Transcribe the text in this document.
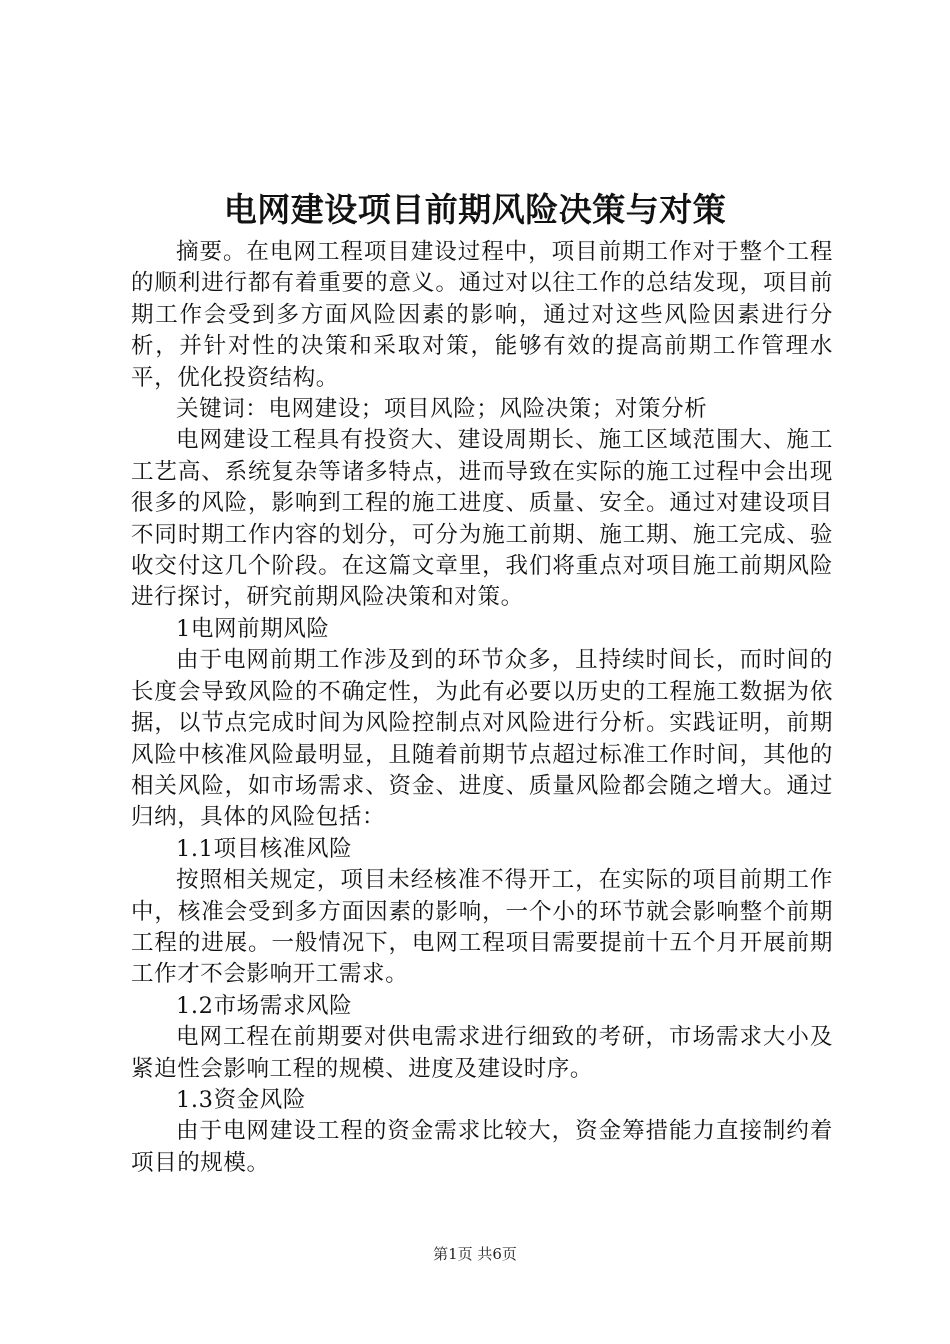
电网建设项目前期风险决策与对策

摘要。在电网工程项目建设过程中，项目前期工作对于整个工程的顺利进行都有着重要的意义。通过对以往工作的总结发现，项目前期工作会受到多方面风险因素的影响，通过对这些风险因素进行分析，并针对性的决策和采取对策，能够有效的提高前期工作管理水平，优化投资结构。

关键词：电网建设；项目风险；风险决策；对策分析

电网建设工程具有投资大、建设周期长、施工区域范围大、施工工艺高、系统复杂等诸多特点，进而导致在实际的施工过程中会出现很多的风险，影响到工程的施工进度、质量、安全。通过对建设项目不同时期工作内容的划分，可分为施工前期、施工期、施工完成、验收交付这几个阶段。在这篇文章里，我们将重点对项目施工前期风险进行探讨，研究前期风险决策和对策。

1电网前期风险

由于电网前期工作涉及到的环节众多，且持续时间长，而时间的长度会导致风险的不确定性，为此有必要以历史的工程施工数据为依据，以节点完成时间为风险控制点对风险进行分析。实践证明，前期风险中核准风险最明显，且随着前期节点超过标准工作时间，其他的相关风险，如市场需求、资金、进度、质量风险都会随之增大。通过归纳，具体的风险包括：

1.1项目核准风险

按照相关规定，项目未经核准不得开工，在实际的项目前期工作中，核准会受到多方面因素的影响，一个小的环节就会影响整个前期工程的进展。一般情况下，电网工程项目需要提前十五个月开展前期工作才不会影响开工需求。

1.2市场需求风险

电网工程在前期要对供电需求进行细致的考研，市场需求大小及紧迫性会影响工程的规模、进度及建设时序。

1.3资金风险

由于电网建设工程的资金需求比较大，资金筹措能力直接制约着项目的规模。

第1页 共6页
